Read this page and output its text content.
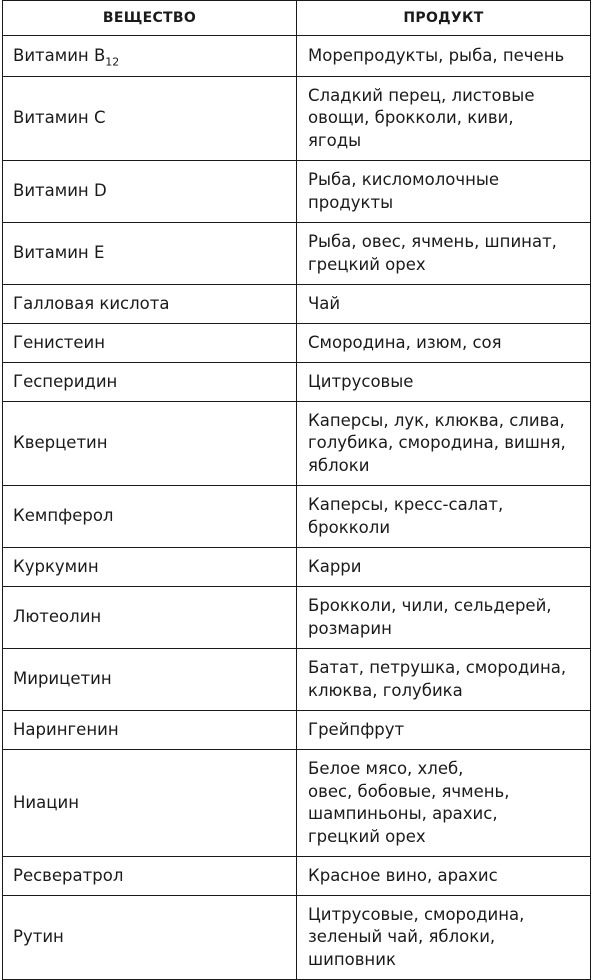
ВЕЩЕСТВО	ПРОДУКТ
Витамин $B_{12}$	Морепродукты, рыба, печень

Витамин C	Сладкий перец, листовые
овощи, брокколи, киви,
ягоды

Витамин D	Рыба, кисломолочные
продукты

Витамин E	Рыба, овес, ячмень, шпинат,
грецкий орех

Галловая кислота	Чай

Генистеин	Смородина, изюм, соя

Гесперидин	Цитрусовые

Кверцетин	Каперсы, лук, клюква, слива,
голубика, смородина, вишня,
яблоки

Кемпферол	Каперсы, кресс-салат,
брокколи

Куркумин	Карри

Лютеолин	Брокколи, чили, сельдерей,
розмарин

Мирицетин	Батат, петрушка, смородина,
клюква, голубика

Нарингенин	Грейпфрут

Ниацин	Белое мясо, хлеб,
овес, бобовые, ячмень,
шампиньоны, арахис,
грецкий орех

Ресвератрол	Красное вино, арахис

Рутин	Цитрусовые, смородина,
зеленый чай, яблоки,
шиповник
